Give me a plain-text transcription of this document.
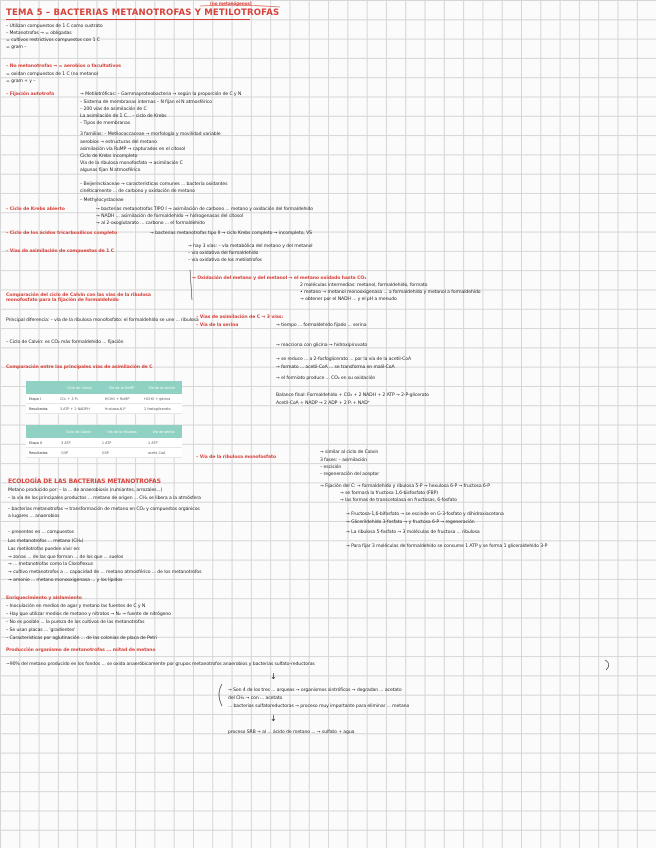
(no metanógenos)
TEMA 5 – BACTERIAS METANOTROFAS Y METILOTROFAS
– Utilizan compuestos de 1 C como sustrato
– Metanotrofas → = obligadas
= cultivos restrictivos compuestos con 1 C
= gram –
– No metanotrofas → = aerobios o facultativos
= oxidan compuestos de 1 C (no metano)
= gram + y –
– Fijación autotrofa	→ Metilotróficas: – Gammaproteobacteria → según la proporción de C y N
– Sistema de membranas internas – N fijan el N atmosférico
– 200 vías de asimilación de C
La asimilación de 1 C... – ciclo de Krebs
– Tipos de membranas
3 familias: – Metilococcaceae → morfología y movilidad variable
aerobios → estructuras del metano
asimilación vía RuMP → capturados en el citosol
Ciclo de Krebs incompleto
Vía de la ribulosa monofosfato → asimilación C
algunas fijan N atmosférico
– Beijerinckiaceae → características comunes ... bacteria oxidantes
cinéticamente ... de carbono y oxidación de metano
– Methylocystaceae
– Ciclo de Krebs abierto	→ bacterias metanotrofas TIPO I → asimilación de carbono ... metano y oxidación del formaldehído
→ NADH ... asimilación de formaldehído → hidrogenasas del citosol
→ al 2-oxoglutarato ... carbono ... el formaldehído
– Ciclo de los ácidos tricarboxílicos completo	→ bacterias metanotrofas tipo II → ciclo Krebs completo → incompleto, VS
– Vías de asimilación de compuestos de 1 C
→ hay 3 vías: – vía metabólica del metano y del metanol
– vía oxidativa del formaldehído
– vía oxidativa de los metilotrofos
→ Oxidación del metano y del metanol → el metano oxidado hasta CO₂
2 moléculas intermedias: metanol, formaldehído, formato
• metano → metanol monooxigenasa ... a formaldehído y metanol a formaldehído
→ obtener por el NADH ... y el pH a menudo
Comparación del ciclo de Calvin con las vías de la ribulosa monofosfato para la fijación de formaldehído
Principal diferencia: – vía de la ribulosa monofosfato: el formaldehído se une ... ribulosa
– Ciclo de Calvin: es CO₂ más formaldehído ... fijación
– Vías de asimilación de C → 3 vías:
– Vía de la serina	→ tiempo ... formaldehído fijado ... serina
→ reacciona con glicina → hidroxipiruvato
→ se reduce ... a 2-fosfoglicerato ... por la vía de la acetil-CoA
→ formato ... acetil-CoA ... se transforma en malil-CoA
→ el formiato produce ... CO₂ en su oxidación
Balance final: Formaldehído + CO₂ + 2 NADH + 2 ATP → 2-P-glicerato
Acetil-CoA + NADP → 2 ADP + 2 Pᵢ + NAD⁺
Comparación entre las principales vías de asimilación de C
	Ciclo de Calvin	Vía de la RuMP	Vía de la serina
Etapa I	CO₂ + 3 P₃	HCHO + RuMP	HCHO + glicina
Resultados	3 ATP + 2 NADPH	fructosa-6-P	2 fosfoglicerato
	Ciclo de Calvin	Vía de la ribulosa	Vía de serina
Etapa II	3 ATP	1 ATP	2 ATP
Resultados	G3P	G3P	acetil-CoA
– Vía de la ribulosa monofosfato
→ similar al ciclo de Calvin
3 fases: – asimilación
– escisión
– regeneración del aceptor
→ Fijación del C: → formaldehído y ribulosa 5-P → hexulosa 6-P → fructosa 6-P
→ se formará la fructosa 1,6-bisfosfato (FBP)
→ las formas de transcetolasa en fructosas, 6-fosfato
→ Fructosa-1,6-bifosfato → se escinde en G-3-fosfato y dihidroxiacetona
→ Glicerildehído 3-fosfato → y fructosa 6-P → regeneración
→ La ribulosa 5-fosfato → 3 moléculas de fructosa ... ribulosa
→ Para fijar 3 moléculas de formaldehído se consume 1 ATP y se forma 1 gliceraldehído 3-P
ECOLOGÍA DE LAS BACTERIAS METANOTROFAS
Metano producido por: – la ... de anaerobiosis (rumiantes, arrozales...)
– la vía de los principales productos ... metano de origen ... CH₄ se libera a la atmósfera
– bacterias metanotrofas → transformación de metano en CO₂ y compuestos orgánicos
a lugares ... anaerobios
– presentes en ... compuestos
Los metanotrofos ... metano (CH₄)
Las metilotrofas pueden vivir en:
→ zonas ... de las que forman ... de los que ... suelos
→ ... metanotrofas como la Cloroflexus
→ cultivo metanotrofos a ... capacidad de ... metano atmosférico ... de los metanotrofos
→ amonio ... metano monooxigenasa ... y los lípidos
Enriquecimiento y aislamiento
– Inoculación en medios de agar y metano las fuentes de C y N
– Hay que utilizar medios de metano y nitratos → N₂ → fuente de nitrógeno
– No es posible ... la pureza de los cultivos de las metanotrofas
– Se usan placas ... 'gradientes'
– Características por aglutinación ... de las colonias de placa de Petri
Producción organismo de metanotrofas ... mitad de metano
~90% del metano producido en los fondos ... se oxida anaeróbicamente por grupos metanotrofos anaerobios y bacterias sulfato-reductoras
↓
→ Son 4 de los tres ... arqueas → organismos sintróficos → degradan ... acetato
del CH₄ → con ... acetato
... bacterias sulfatoreductoras → proceso muy importante para eliminar ... metano
↓
proceso SRB → al ... ácido de metano ... → sulfato + agua
